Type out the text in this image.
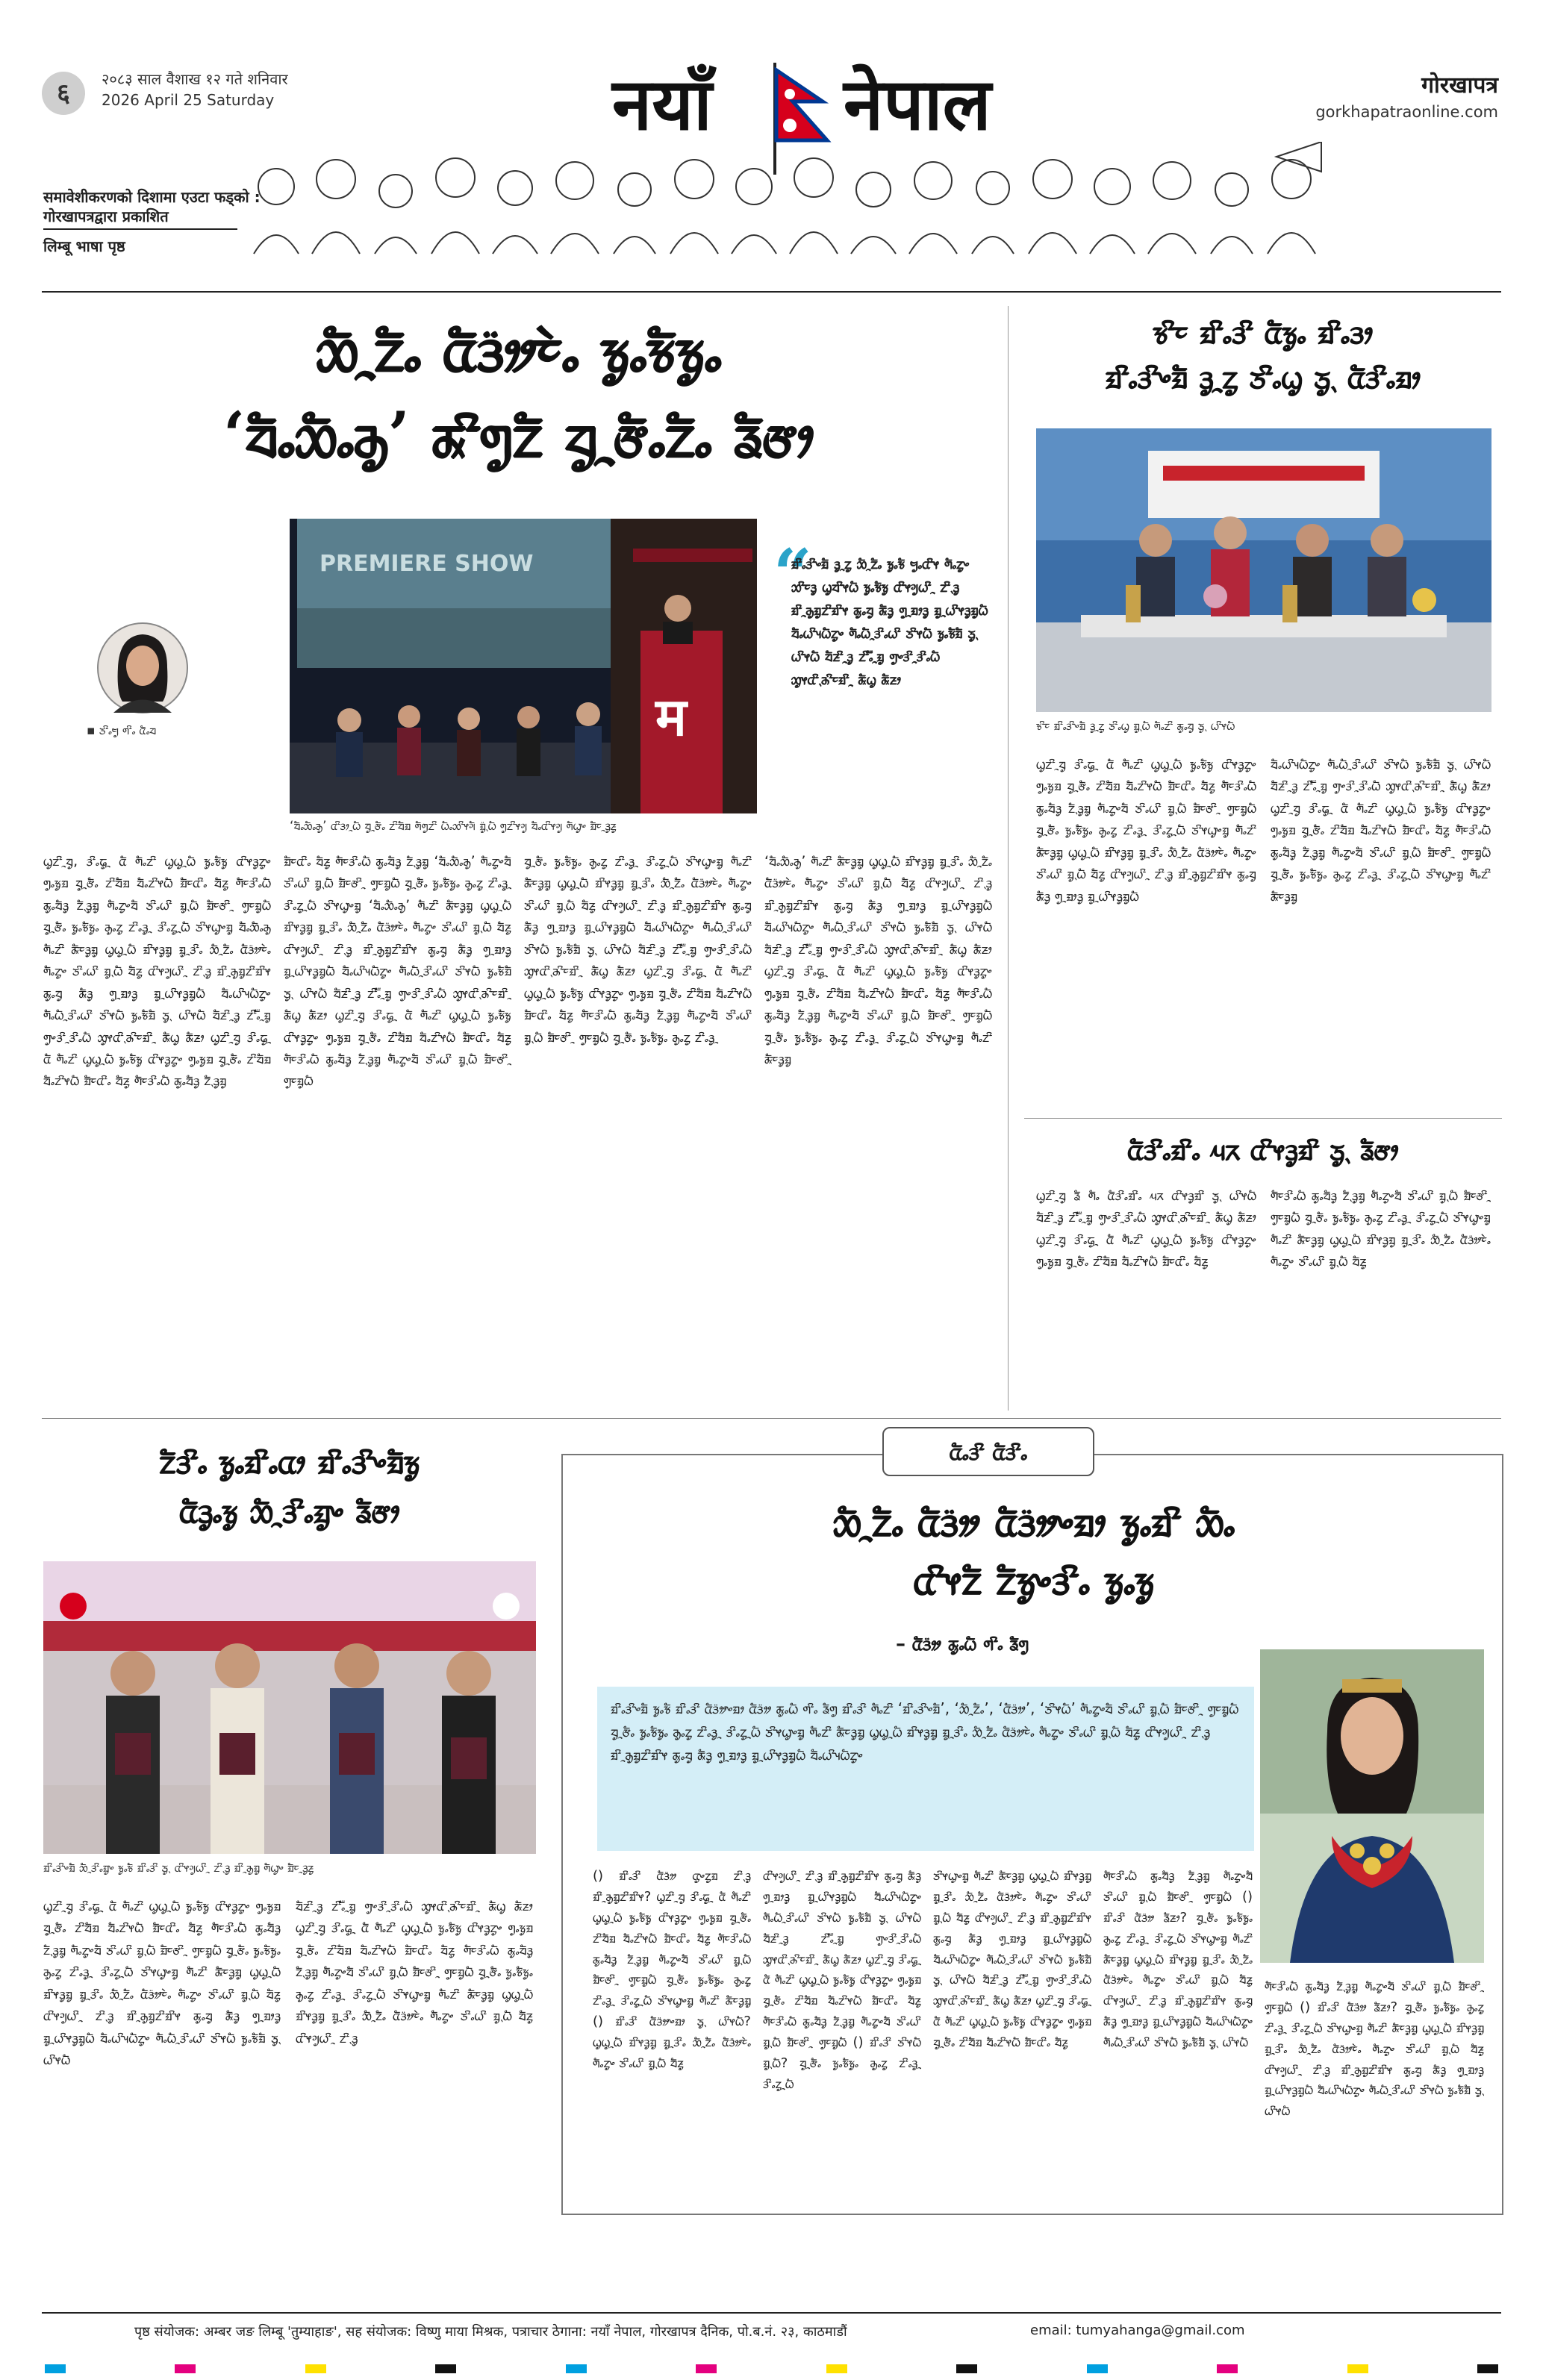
६	२०८३ साल वैशाख १२ गते शनिवार
2026 April 25 Saturday	नयाँ नेपाल	गोरखापत्र
gorkhapatraonline.com
समावेशीकरणको दिशामा एउटा फड्को :
गोरखापत्रद्वारा प्रकाशित
लिम्बू भाषा पृष्ठ
ᤑᤠᤳᤁᤠᤱ ᤂᤠᤋᤤ᤺ᤰᤧᤱ ᤃᤢᤱᤃᤠᤃᤢᤱ
‘ᤔᤠᤱᤑᤠᤱᤌᤢ’ ᤊᤡᤛᤢᤁᤠ ᤔᤢᤳᤅᤠᤱᤁᤠᤱ ᤕᤠᤅᤣ
▪ ᤍᤡᤱᤗᤢ ᤛᤡᤱ ᤂᤠᤱᤔ
PREMIERE SHOW
म
‘ᤔᤠᤱᤑᤠᤱᤌᤢ’ ᤂᤡᤋᤣᤳᤐᤠ ᤔᤢᤳᤅᤠᤱ ᤁᤡᤔᤠᤀ ᤛᤠᤛᤢᤁᤡ ᤐᤠᤱᤑᤡᤶᤆᤠ ᤀᤢ᤺ᤷᤐᤠ ᤛᤢᤁᤡᤶᤆᤢ ᤔᤠᤱᤂᤡᤶᤆᤢ ᤛᤠᤐᤢᤴ ᤀᤠᤰᤳᤋᤢᤏᤢ
“
ᤀᤡᤱᤋᤡᤴᤀᤠ ᤋᤢᤳᤁᤢ ᤑᤠᤳᤁᤠᤱ ᤃᤢᤱᤃᤠ ᤗᤢᤱᤂᤡᤶ ᤛᤠᤱᤁᤢᤴ ᤑᤡᤰᤋᤢ ᤐᤢᤔᤡᤶᤐᤠ ᤃᤢᤱᤃᤠᤃᤢ ᤂᤡᤶᤆᤢᤐᤡᤳ ᤁᤡᤷᤋᤢ ᤀᤡᤳᤌᤢᤀᤢᤁᤡᤀᤡᤶ ᤊᤢᤱᤔᤢ ᤊᤠᤋᤢ ᤛᤢᤳᤀᤣᤋᤢ ᤀᤢᤳᤐᤡᤶᤋᤢᤀᤢᤐᤠ ᤔᤠᤱᤐᤡᤵᤐᤠᤁᤢᤴ ᤛᤠᤱᤐᤠᤳᤋᤡᤱᤐᤡ ᤍᤡᤶᤐᤠ ᤃᤢᤱᤃᤠᤀᤠ ᤍᤢᤷ ᤐᤡᤶᤐᤠ ᤔᤠᤏᤡᤳᤋᤢ ᤁᤡᤱ᤺ᤠᤳᤀᤢ ᤛᤢᤴᤋᤡᤳᤋᤡᤱᤐᤠ ᤑᤢᤶᤂᤡᤷᤌᤡᤰᤀᤡᤳ ᤊᤠᤐᤢ ᤊᤠᤏᤣ
ᤐᤢᤁᤡᤳᤔᤢ, ᤋᤡᤱᤒᤢᤳ ᤂᤠ ᤛᤠᤱᤁᤡ ᤐᤢᤐᤢᤳᤐᤠ ᤃᤢᤱᤃᤠᤃᤢ ᤂᤡᤶᤋᤢᤁᤢᤴ ᤛᤢᤱᤃᤢᤀ ᤔᤢᤳᤅᤠᤱ ᤁᤡᤔᤠᤀ ᤔᤠᤱᤁᤡᤶᤐᤠ ᤀᤠᤰᤂᤡᤱ ᤔᤠᤏᤢ ᤛᤠᤰᤋᤡᤱᤐᤠ ᤊᤢᤱᤔᤠᤋᤢ ᤁᤠᤷᤋᤢᤀᤢ ᤛᤠᤱᤁᤢᤴᤔᤠ ᤍᤡᤱᤐᤡ ᤀᤢᤷᤐᤠ ᤀᤠᤰᤅᤡᤳ ᤛᤢᤰᤀᤢᤐᤠ ᤔᤢᤳᤅᤠᤱ ᤃᤢᤱᤃᤠᤃᤢᤱ ᤌᤢᤱᤁᤢ ᤁᤡᤱᤋᤢᤳ ᤋᤡᤱᤁᤢᤳᤐᤠ ᤍᤡᤶᤐᤢᤴᤀᤢ ᤔᤠᤱᤑᤠᤱᤌᤢ ᤛᤠᤱᤁᤡ ᤊᤠᤰᤋᤢᤀᤢ ᤐᤢᤐᤢᤳᤐᤠ ᤀᤡᤶᤋᤢᤀᤢ ᤀᤢᤳᤋᤡᤱ ᤑᤠᤳᤁᤠᤱ ᤂᤠᤋᤤ᤺ᤰᤧᤱ ᤛᤠᤱᤁᤢᤴ ᤍᤡᤱᤐᤡ ᤀᤢᤷᤐᤠ ᤔᤠᤏᤢ ᤂᤡᤶᤆᤢᤐᤡᤳ ᤁᤡᤷᤋᤢ ᤀᤡᤳᤌᤢᤀᤢᤁᤡᤀᤡᤶ ᤊᤢᤱᤔᤢ ᤊᤠᤋᤢ ᤛᤢᤳᤀᤣᤋᤢ ᤀᤢᤳᤐᤡᤶᤋᤢᤀᤢᤐᤠ ᤔᤠᤱᤐᤡᤵᤐᤠᤁᤢᤴ ᤛᤠᤱᤐᤠᤳᤋᤡᤱᤐᤡ ᤍᤡᤶᤐᤠ ᤃᤢᤱᤃᤠᤀᤠ ᤍᤢᤷ ᤐᤡᤶᤐᤠ ᤔᤠᤏᤡᤳᤋᤢ ᤁᤡᤱ᤺ᤠᤳᤀᤢ ᤛᤢᤴᤋᤡᤳᤋᤡᤱᤐᤠ ᤑᤢᤶᤂᤡᤷᤌᤡᤰᤀᤡᤳ ᤊᤠᤐᤢ ᤊᤠᤏᤣ ᤐᤢᤁᤡᤳᤔᤢ ᤋᤡᤱᤒᤢᤳ ᤂᤠ ᤛᤠᤱᤁᤡ ᤐᤢᤐᤢᤳᤐᤠ ᤃᤢᤱᤃᤠᤃᤢ ᤂᤡᤶᤋᤢᤁᤢᤴ ᤛᤢᤱᤃᤢᤀ ᤔᤢᤳᤅᤠᤱ ᤁᤡᤔᤠᤀ ᤔᤠᤱᤁᤡᤶᤐᤠ ᤀᤠᤰᤂᤡᤱ ᤔᤠᤏᤢ ᤛᤠᤰᤋᤡᤱᤐᤠ ᤊᤢᤱᤔᤠᤋᤢ ᤁᤠᤷᤋᤢᤀᤢ
ᤀᤠᤰᤂᤡᤱ ᤔᤠᤏᤢ ᤛᤠᤰᤋᤡᤱᤐᤠ ᤊᤢᤱᤔᤠᤋᤢ ᤁᤠᤷᤋᤢᤀᤢ ‘ᤔᤠᤱᤑᤠᤱᤌᤢ’ ᤛᤠᤱᤁᤢᤴᤔᤠ ᤍᤡᤱᤐᤡ ᤀᤢᤷᤐᤠ ᤀᤠᤰᤅᤡᤳ ᤛᤢᤰᤀᤢᤐᤠ ᤔᤢᤳᤅᤠᤱ ᤃᤢᤱᤃᤠᤃᤢᤱ ᤌᤢᤱᤁᤢ ᤁᤡᤱᤋᤢᤳ ᤋᤡᤱᤁᤢᤳᤐᤠ ᤍᤡᤶᤐᤢᤴᤀᤢ ‘ᤔᤠᤱᤑᤠᤱᤌᤢ’ ᤛᤠᤱᤁᤡ ᤊᤠᤰᤋᤢᤀᤢ ᤐᤢᤐᤢᤳᤐᤠ ᤀᤡᤶᤋᤢᤀᤢ ᤀᤢᤳᤋᤡᤱ ᤑᤠᤳᤁᤠᤱ ᤂᤠᤋᤤ᤺ᤰᤧᤱ ᤛᤠᤱᤁᤢᤴ ᤍᤡᤱᤐᤡ ᤀᤢᤷᤐᤠ ᤔᤠᤏᤢ ᤂᤡᤶᤆᤢᤐᤡᤳ ᤁᤡᤷᤋᤢ ᤀᤡᤳᤌᤢᤀᤢᤁᤡᤀᤡᤶ ᤊᤢᤱᤔᤢ ᤊᤠᤋᤢ ᤛᤢᤳᤀᤣᤋᤢ ᤀᤢᤳᤐᤡᤶᤋᤢᤀᤢᤐᤠ ᤔᤠᤱᤐᤡᤵᤐᤠᤁᤢᤴ ᤛᤠᤱᤐᤠᤳᤋᤡᤱᤐᤡ ᤍᤡᤶᤐᤠ ᤃᤢᤱᤃᤠᤀᤠ ᤍᤢᤷ ᤐᤡᤶᤐᤠ ᤔᤠᤏᤡᤳᤋᤢ ᤁᤡᤱ᤺ᤠᤳᤀᤢ ᤛᤢᤴᤋᤡᤳᤋᤡᤱᤐᤠ ᤑᤢᤶᤂᤡᤷᤌᤡᤰᤀᤡᤳ ᤊᤠᤐᤢ ᤊᤠᤏᤣ ᤐᤢᤁᤡᤳᤔᤢ ᤋᤡᤱᤒᤢᤳ ᤂᤠ ᤛᤠᤱᤁᤡ ᤐᤢᤐᤢᤳᤐᤠ ᤃᤢᤱᤃᤠᤃᤢ ᤂᤡᤶᤋᤢᤁᤢᤴ ᤛᤢᤱᤃᤢᤀ ᤔᤢᤳᤅᤠᤱ ᤁᤡᤔᤠᤀ ᤔᤠᤱᤁᤡᤶᤐᤠ ᤀᤠᤰᤂᤡᤱ ᤔᤠᤏᤢ ᤛᤠᤰᤋᤡᤱᤐᤠ ᤊᤢᤱᤔᤠᤋᤢ ᤁᤠᤷᤋᤢᤀᤢ ᤛᤠᤱᤁᤢᤴᤔᤠ ᤍᤡᤱᤐᤡ ᤀᤢᤷᤐᤠ ᤀᤠᤰᤅᤡᤳ ᤛᤢᤰᤀᤢᤐᤠ
ᤔᤢᤳᤅᤠᤱ ᤃᤢᤱᤃᤠᤃᤢᤱ ᤌᤢᤱᤁᤢ ᤁᤡᤱᤋᤢᤳ ᤋᤡᤱᤁᤢᤳᤐᤠ ᤍᤡᤶᤐᤢᤴᤀᤢ ᤛᤠᤱᤁᤡ ᤊᤠᤰᤋᤢᤀᤢ ᤐᤢᤐᤢᤳᤐᤠ ᤀᤡᤶᤋᤢᤀᤢ ᤀᤢᤳᤋᤡᤱ ᤑᤠᤳᤁᤠᤱ ᤂᤠᤋᤤ᤺ᤰᤧᤱ ᤛᤠᤱᤁᤢᤴ ᤍᤡᤱᤐᤡ ᤀᤢᤷᤐᤠ ᤔᤠᤏᤢ ᤂᤡᤶᤆᤢᤐᤡᤳ ᤁᤡᤷᤋᤢ ᤀᤡᤳᤌᤢᤀᤢᤁᤡᤀᤡᤶ ᤊᤢᤱᤔᤢ ᤊᤠᤋᤢ ᤛᤢᤳᤀᤣᤋᤢ ᤀᤢᤳᤐᤡᤶᤋᤢᤀᤢᤐᤠ ᤔᤠᤱᤐᤡᤵᤐᤠᤁᤢᤴ ᤛᤠᤱᤐᤠᤳᤋᤡᤱᤐᤡ ᤍᤡᤶᤐᤠ ᤃᤢᤱᤃᤠᤀᤠ ᤍᤢᤷ ᤐᤡᤶᤐᤠ ᤔᤠᤏᤡᤳᤋᤢ ᤁᤡᤱ᤺ᤠᤳᤀᤢ ᤛᤢᤴᤋᤡᤳᤋᤡᤱᤐᤠ ᤑᤢᤶᤂᤡᤷᤌᤡᤰᤀᤡᤳ ᤊᤠᤐᤢ ᤊᤠᤏᤣ ᤐᤢᤁᤡᤳᤔᤢ ᤋᤡᤱᤒᤢᤳ ᤂᤠ ᤛᤠᤱᤁᤡ ᤐᤢᤐᤢᤳᤐᤠ ᤃᤢᤱᤃᤠᤃᤢ ᤂᤡᤶᤋᤢᤁᤢᤴ ᤛᤢᤱᤃᤢᤀ ᤔᤢᤳᤅᤠᤱ ᤁᤡᤔᤠᤀ ᤔᤠᤱᤁᤡᤶᤐᤠ ᤀᤠᤰᤂᤡᤱ ᤔᤠᤏᤢ ᤛᤠᤰᤋᤡᤱᤐᤠ ᤊᤢᤱᤔᤠᤋᤢ ᤁᤠᤷᤋᤢᤀᤢ ᤛᤠᤱᤁᤢᤴᤔᤠ ᤍᤡᤱᤐᤡ ᤀᤢᤷᤐᤠ ᤀᤠᤰᤅᤡᤳ ᤛᤢᤰᤀᤢᤐᤠ ᤔᤢᤳᤅᤠᤱ ᤃᤢᤱᤃᤠᤃᤢᤱ ᤌᤢᤱᤁᤢ ᤁᤡᤱᤋᤢᤳ
‘ᤔᤠᤱᤑᤠᤱᤌᤢ’ ᤛᤠᤱᤁᤡ ᤊᤠᤰᤋᤢᤀᤢ ᤐᤢᤐᤢᤳᤐᤠ ᤀᤡᤶᤋᤢᤀᤢ ᤀᤢᤳᤋᤡᤱ ᤑᤠᤳᤁᤠᤱ ᤂᤠᤋᤤ᤺ᤰᤧᤱ ᤛᤠᤱᤁᤢᤴ ᤍᤡᤱᤐᤡ ᤀᤢᤷᤐᤠ ᤔᤠᤏᤢ ᤂᤡᤶᤆᤢᤐᤡᤳ ᤁᤡᤷᤋᤢ ᤀᤡᤳᤌᤢᤀᤢᤁᤡᤀᤡᤶ ᤊᤢᤱᤔᤢ ᤊᤠᤋᤢ ᤛᤢᤳᤀᤣᤋᤢ ᤀᤢᤳᤐᤡᤶᤋᤢᤀᤢᤐᤠ ᤔᤠᤱᤐᤡᤵᤐᤠᤁᤢᤴ ᤛᤠᤱᤐᤠᤳᤋᤡᤱᤐᤡ ᤍᤡᤶᤐᤠ ᤃᤢᤱᤃᤠᤀᤠ ᤍᤢᤷ ᤐᤡᤶᤐᤠ ᤔᤠᤏᤡᤳᤋᤢ ᤁᤡᤱ᤺ᤠᤳᤀᤢ ᤛᤢᤴᤋᤡᤳᤋᤡᤱᤐᤠ ᤑᤢᤶᤂᤡᤷᤌᤡᤰᤀᤡᤳ ᤊᤠᤐᤢ ᤊᤠᤏᤣ ᤐᤢᤁᤡᤳᤔᤢ ᤋᤡᤱᤒᤢᤳ ᤂᤠ ᤛᤠᤱᤁᤡ ᤐᤢᤐᤢᤳᤐᤠ ᤃᤢᤱᤃᤠᤃᤢ ᤂᤡᤶᤋᤢᤁᤢᤴ ᤛᤢᤱᤃᤢᤀ ᤔᤢᤳᤅᤠᤱ ᤁᤡᤔᤠᤀ ᤔᤠᤱᤁᤡᤶᤐᤠ ᤀᤠᤰᤂᤡᤱ ᤔᤠᤏᤢ ᤛᤠᤰᤋᤡᤱᤐᤠ ᤊᤢᤱᤔᤠᤋᤢ ᤁᤠᤷᤋᤢᤀᤢ ᤛᤠᤱᤁᤢᤴᤔᤠ ᤍᤡᤱᤐᤡ ᤀᤢᤷᤐᤠ ᤀᤠᤰᤅᤡᤳ ᤛᤢᤰᤀᤢᤐᤠ ᤔᤢᤳᤅᤠᤱ ᤃᤢᤱᤃᤠᤃᤢᤱ ᤌᤢᤱᤁᤢ ᤁᤡᤱᤋᤢᤳ ᤋᤡᤱᤁᤢᤳᤐᤠ ᤍᤡᤶᤐᤢᤴᤀᤢ ᤛᤠᤱᤁᤡ ᤊᤠᤰᤋᤢᤀᤢ
ᤃᤡᤰ ᤀᤡᤱᤋᤡ ᤂᤠᤃᤢᤱ ᤀᤡᤱᤋᤣ
ᤀᤡᤱᤋᤡᤴᤀᤠ ᤋᤢᤳᤁᤢ ᤍᤡᤱᤐᤢ ᤍᤢᤷ ᤂᤠᤋᤡᤱᤀᤣ
ᤃᤡᤰ ᤀᤡᤱᤋᤡᤴᤀᤠ ᤋᤢᤳᤁᤢ ᤍᤡᤱᤐᤢ ᤀᤢᤷᤐᤠ ᤛᤠᤱᤁᤡ ᤊᤢᤱᤔᤢ ᤍᤢᤷ ᤐᤡᤶᤐᤠ
ᤐᤢᤁᤡᤳᤔᤢ ᤋᤡᤱᤒᤢᤳ ᤂᤠ ᤛᤠᤱᤁᤡ ᤐᤢᤐᤢᤳᤐᤠ ᤃᤢᤱᤃᤠᤃᤢ ᤂᤡᤶᤋᤢᤁᤢᤴ ᤛᤢᤱᤃᤢᤀ ᤔᤢᤳᤅᤠᤱ ᤁᤡᤔᤠᤀ ᤔᤠᤱᤁᤡᤶᤐᤠ ᤀᤠᤰᤂᤡᤱ ᤔᤠᤏᤢ ᤛᤠᤰᤋᤡᤱᤐᤠ ᤊᤢᤱᤔᤠᤋᤢ ᤁᤠᤷᤋᤢᤀᤢ ᤛᤠᤱᤁᤢᤴᤔᤠ ᤍᤡᤱᤐᤡ ᤀᤢᤷᤐᤠ ᤀᤠᤰᤅᤡᤳ ᤛᤢᤰᤀᤢᤐᤠ ᤔᤢᤳᤅᤠᤱ ᤃᤢᤱᤃᤠᤃᤢᤱ ᤌᤢᤱᤁᤢ ᤁᤡᤱᤋᤢᤳ ᤋᤡᤱᤁᤢᤳᤐᤠ ᤍᤡᤶᤐᤢᤴᤀᤢ ᤛᤠᤱᤁᤡ ᤊᤠᤰᤋᤢᤀᤢ ᤐᤢᤐᤢᤳᤐᤠ ᤀᤡᤶᤋᤢᤀᤢ ᤀᤢᤳᤋᤡᤱ ᤑᤠᤳᤁᤠᤱ ᤂᤠᤋᤤ᤺ᤰᤧᤱ ᤛᤠᤱᤁᤢᤴ ᤍᤡᤱᤐᤡ ᤀᤢᤷᤐᤠ ᤔᤠᤏᤢ ᤂᤡᤶᤆᤢᤐᤡᤳ ᤁᤡᤷᤋᤢ ᤀᤡᤳᤌᤢᤀᤢᤁᤡᤀᤡᤶ ᤊᤢᤱᤔᤢ ᤊᤠᤋᤢ ᤛᤢᤳᤀᤣᤋᤢ ᤀᤢᤳᤐᤡᤶᤋᤢᤀᤢᤐᤠ
ᤔᤠᤱᤐᤡᤵᤐᤠᤁᤢᤴ ᤛᤠᤱᤐᤠᤳᤋᤡᤱᤐᤡ ᤍᤡᤶᤐᤠ ᤃᤢᤱᤃᤠᤀᤠ ᤍᤢᤷ ᤐᤡᤶᤐᤠ ᤔᤠᤏᤡᤳᤋᤢ ᤁᤡᤱ᤺ᤠᤳᤀᤢ ᤛᤢᤴᤋᤡᤳᤋᤡᤱᤐᤠ ᤑᤢᤶᤂᤡᤷᤌᤡᤰᤀᤡᤳ ᤊᤠᤐᤢ ᤊᤠᤏᤣ ᤐᤢᤁᤡᤳᤔᤢ ᤋᤡᤱᤒᤢᤳ ᤂᤠ ᤛᤠᤱᤁᤡ ᤐᤢᤐᤢᤳᤐᤠ ᤃᤢᤱᤃᤠᤃᤢ ᤂᤡᤶᤋᤢᤁᤢᤴ ᤛᤢᤱᤃᤢᤀ ᤔᤢᤳᤅᤠᤱ ᤁᤡᤔᤠᤀ ᤔᤠᤱᤁᤡᤶᤐᤠ ᤀᤠᤰᤂᤡᤱ ᤔᤠᤏᤢ ᤛᤠᤰᤋᤡᤱᤐᤠ ᤊᤢᤱᤔᤠᤋᤢ ᤁᤠᤷᤋᤢᤀᤢ ᤛᤠᤱᤁᤢᤴᤔᤠ ᤍᤡᤱᤐᤡ ᤀᤢᤷᤐᤠ ᤀᤠᤰᤅᤡᤳ ᤛᤢᤰᤀᤢᤐᤠ ᤔᤢᤳᤅᤠᤱ ᤃᤢᤱᤃᤠᤃᤢᤱ ᤌᤢᤱᤁᤢ ᤁᤡᤱᤋᤢᤳ ᤋᤡᤱᤁᤢᤳᤐᤠ ᤍᤡᤶᤐᤢᤴᤀᤢ ᤛᤠᤱᤁᤡ ᤊᤠᤰᤋᤢᤀᤢ
ᤂᤠᤋᤡᤱᤀᤡᤱ ᤘᤖ ᤂᤡᤶᤋᤢᤀᤡ ᤍᤢᤷ ᤕᤠᤅᤣ
ᤐᤢᤁᤡᤳᤔᤢ ᤕᤠ ᤛᤠᤱ ᤂᤠᤋᤡᤱᤀᤡᤱ ᤘᤖ ᤂᤡᤶᤋᤢᤀᤡ ᤍᤢᤷ ᤐᤡᤶᤐᤠ ᤔᤠᤏᤡᤳᤋᤢ ᤁᤡᤱ᤺ᤠᤳᤀᤢ ᤛᤢᤴᤋᤡᤳᤋᤡᤱᤐᤠ ᤑᤢᤶᤂᤡᤷᤌᤡᤰᤀᤡᤳ ᤊᤠᤐᤢ ᤊᤠᤏᤣ ᤐᤢᤁᤡᤳᤔᤢ ᤋᤡᤱᤒᤢᤳ ᤂᤠ ᤛᤠᤱᤁᤡ ᤐᤢᤐᤢᤳᤐᤠ ᤃᤢᤱᤃᤠᤃᤢ ᤂᤡᤶᤋᤢᤁᤢᤴ ᤛᤢᤱᤃᤢᤀ ᤔᤢᤳᤅᤠᤱ ᤁᤡᤔᤠᤀ ᤔᤠᤱᤁᤡᤶᤐᤠ ᤀᤠᤰᤂᤡᤱ ᤔᤠᤏᤢ
ᤛᤠᤰᤋᤡᤱᤐᤠ ᤊᤢᤱᤔᤠᤋᤢ ᤁᤠᤷᤋᤢᤀᤢ ᤛᤠᤱᤁᤢᤴᤔᤠ ᤍᤡᤱᤐᤡ ᤀᤢᤷᤐᤠ ᤀᤠᤰᤅᤡᤳ ᤛᤢᤰᤀᤢᤐᤠ ᤔᤢᤳᤅᤠᤱ ᤃᤢᤱᤃᤠᤃᤢᤱ ᤌᤢᤱᤁᤢ ᤁᤡᤱᤋᤢᤳ ᤋᤡᤱᤁᤢᤳᤐᤠ ᤍᤡᤶᤐᤢᤴᤀᤢ ᤛᤠᤱᤁᤡ ᤊᤠᤰᤋᤢᤀᤢ ᤐᤢᤐᤢᤳᤐᤠ ᤀᤡᤶᤋᤢᤀᤢ ᤀᤢᤳᤋᤡᤱ ᤑᤠᤳᤁᤠᤱ ᤂᤠᤋᤤ᤺ᤰᤧᤱ ᤛᤠᤱᤁᤢᤴ ᤍᤡᤱᤐᤡ ᤀᤢᤷᤐᤠ ᤔᤠᤏᤢ
ᤁᤠᤋᤡᤱ ᤃᤢᤱᤀᤡᤱᤂᤣ ᤀᤡᤱᤋᤡᤴᤀᤠᤃᤢ
ᤂᤠᤋᤢᤱᤃᤢ ᤑᤠᤳᤋᤡᤱᤀᤢᤴ ᤕᤠᤅᤣ
ᤀᤡᤱᤋᤡᤴᤀᤠ ᤑᤠᤳᤋᤡᤱᤀᤢᤴ ᤃᤢᤱᤃᤠ ᤀᤡᤱᤋᤡ ᤍᤢᤷ ᤂᤡᤶᤆᤢᤐᤡᤳ ᤁᤡᤷᤋᤢ ᤀᤡᤳᤌᤢᤀᤢ ᤛᤠᤐᤢᤴ ᤀᤠᤰᤳᤋᤢᤏᤢ
ᤐᤢᤁᤡᤳᤔᤢ ᤋᤡᤱᤒᤢᤳ ᤂᤠ ᤛᤠᤱᤁᤡ ᤐᤢᤐᤢᤳᤐᤠ ᤃᤢᤱᤃᤠᤃᤢ ᤂᤡᤶᤋᤢᤁᤢᤴ ᤛᤢᤱᤃᤢᤀ ᤔᤢᤳᤅᤠᤱ ᤁᤡᤔᤠᤀ ᤔᤠᤱᤁᤡᤶᤐᤠ ᤀᤠᤰᤂᤡᤱ ᤔᤠᤏᤢ ᤛᤠᤰᤋᤡᤱᤐᤠ ᤊᤢᤱᤔᤠᤋᤢ ᤁᤠᤷᤋᤢᤀᤢ ᤛᤠᤱᤁᤢᤴᤔᤠ ᤍᤡᤱᤐᤡ ᤀᤢᤷᤐᤠ ᤀᤠᤰᤅᤡᤳ ᤛᤢᤰᤀᤢᤐᤠ ᤔᤢᤳᤅᤠᤱ ᤃᤢᤱᤃᤠᤃᤢᤱ ᤌᤢᤱᤁᤢ ᤁᤡᤱᤋᤢᤳ ᤋᤡᤱᤁᤢᤳᤐᤠ ᤍᤡᤶᤐᤢᤴᤀᤢ ᤛᤠᤱᤁᤡ ᤊᤠᤰᤋᤢᤀᤢ ᤐᤢᤐᤢᤳᤐᤠ ᤀᤡᤶᤋᤢᤀᤢ ᤀᤢᤳᤋᤡᤱ ᤑᤠᤳᤁᤠᤱ ᤂᤠᤋᤤ᤺ᤰᤧᤱ ᤛᤠᤱᤁᤢᤴ ᤍᤡᤱᤐᤡ ᤀᤢᤷᤐᤠ ᤔᤠᤏᤢ ᤂᤡᤶᤆᤢᤐᤡᤳ ᤁᤡᤷᤋᤢ ᤀᤡᤳᤌᤢᤀᤢᤁᤡᤀᤡᤶ ᤊᤢᤱᤔᤢ ᤊᤠᤋᤢ ᤛᤢᤳᤀᤣᤋᤢ ᤀᤢᤳᤐᤡᤶᤋᤢᤀᤢᤐᤠ ᤔᤠᤱᤐᤡᤵᤐᤠᤁᤢᤴ ᤛᤠᤱᤐᤠᤳᤋᤡᤱᤐᤡ ᤍᤡᤶᤐᤠ ᤃᤢᤱᤃᤠᤀᤠ ᤍᤢᤷ ᤐᤡᤶᤐᤠ
ᤔᤠᤏᤡᤳᤋᤢ ᤁᤡᤱ᤺ᤠᤳᤀᤢ ᤛᤢᤴᤋᤡᤳᤋᤡᤱᤐᤠ ᤑᤢᤶᤂᤡᤷᤌᤡᤰᤀᤡᤳ ᤊᤠᤐᤢ ᤊᤠᤏᤣ ᤐᤢᤁᤡᤳᤔᤢ ᤋᤡᤱᤒᤢᤳ ᤂᤠ ᤛᤠᤱᤁᤡ ᤐᤢᤐᤢᤳᤐᤠ ᤃᤢᤱᤃᤠᤃᤢ ᤂᤡᤶᤋᤢᤁᤢᤴ ᤛᤢᤱᤃᤢᤀ ᤔᤢᤳᤅᤠᤱ ᤁᤡᤔᤠᤀ ᤔᤠᤱᤁᤡᤶᤐᤠ ᤀᤠᤰᤂᤡᤱ ᤔᤠᤏᤢ ᤛᤠᤰᤋᤡᤱᤐᤠ ᤊᤢᤱᤔᤠᤋᤢ ᤁᤠᤷᤋᤢᤀᤢ ᤛᤠᤱᤁᤢᤴᤔᤠ ᤍᤡᤱᤐᤡ ᤀᤢᤷᤐᤠ ᤀᤠᤰᤅᤡᤳ ᤛᤢᤰᤀᤢᤐᤠ ᤔᤢᤳᤅᤠᤱ ᤃᤢᤱᤃᤠᤃᤢᤱ ᤌᤢᤱᤁᤢ ᤁᤡᤱᤋᤢᤳ ᤋᤡᤱᤁᤢᤳᤐᤠ ᤍᤡᤶᤐᤢᤴᤀᤢ ᤛᤠᤱᤁᤡ ᤊᤠᤰᤋᤢᤀᤢ ᤐᤢᤐᤢᤳᤐᤠ ᤀᤡᤶᤋᤢᤀᤢ ᤀᤢᤳᤋᤡᤱ ᤑᤠᤳᤁᤠᤱ ᤂᤠᤋᤤ᤺ᤰᤧᤱ ᤛᤠᤱᤁᤢᤴ ᤍᤡᤱᤐᤡ ᤀᤢᤷᤐᤠ ᤔᤠᤏᤢ ᤂᤡᤶᤆᤢᤐᤡᤳ ᤁᤡᤷᤋᤢ
ᤂᤠᤱᤋᤡ ᤂᤠᤋᤡᤱ
ᤑᤠᤳᤁᤠᤱ ᤂᤠᤋᤤ᤺ ᤂᤠᤋᤤ᤺ᤴᤀᤣ ᤃᤢᤱᤀᤡ ᤑᤠᤱ
ᤂᤡᤶᤁᤠ ᤁᤠᤃᤢᤴᤋᤡᤱ ᤃᤢᤱᤃᤢ
– ᤂᤠᤋᤤ᤺ ᤊᤢᤱᤐᤠ ᤛᤡᤱ ᤕᤠᤛᤢ
ᤀᤡᤱᤋᤡᤴᤀᤠ ᤃᤢᤱᤃᤠ ᤀᤡᤱᤋᤡ ᤂᤠᤋᤤ᤺ᤴᤀᤣ ᤂᤠᤋᤤ᤺ ᤊᤢᤱᤐᤠ ᤛᤡᤱ ᤕᤠᤛᤢ ᤀᤡᤱᤋᤡ ᤛᤠᤱᤁᤡ ‘ᤀᤡᤱᤋᤡᤴᤀᤠ’, ‘ᤑᤠᤳᤁᤠᤱ’, ‘ᤂᤠᤋᤤ᤺’, ‘ᤍᤡᤶᤐᤠ’ ᤛᤠᤱᤁᤢᤴᤔᤠ ᤍᤡᤱᤐᤡ ᤀᤢᤷᤐᤠ ᤀᤠᤰᤅᤡᤳ ᤛᤢᤰᤀᤢᤐᤠ ᤔᤢᤳᤅᤠᤱ ᤃᤢᤱᤃᤠᤃᤢᤱ ᤌᤢᤱᤁᤢ ᤁᤡᤱᤋᤢᤳ ᤋᤡᤱᤁᤢᤳᤐᤠ ᤍᤡᤶᤐᤢᤴᤀᤢ ᤛᤠᤱᤁᤡ ᤊᤠᤰᤋᤢᤀᤢ ᤐᤢᤐᤢᤳᤐᤠ ᤀᤡᤶᤋᤢᤀᤢ ᤀᤢᤳᤋᤡᤱ ᤑᤠᤳᤁᤠᤱ ᤂᤠᤋᤤ᤺ᤰᤧᤱ ᤛᤠᤱᤁᤢᤴ ᤍᤡᤱᤐᤡ ᤀᤢᤷᤐᤠ ᤔᤠᤏᤢ ᤂᤡᤶᤆᤢᤐᤡᤳ ᤁᤡᤷᤋᤢ ᤀᤡᤳᤌᤢᤀᤢᤁᤡᤀᤡᤶ ᤊᤢᤱᤔᤢ ᤊᤠᤋᤢ ᤛᤢᤳᤀᤣᤋᤢ ᤀᤢᤳᤐᤡᤶᤋᤢᤀᤢᤐᤠ ᤔᤠᤱᤐᤡᤵᤐᤠᤁᤢᤴ
() ᤀᤡᤱᤋᤡ ᤂᤠᤋᤤ᤺ ᤂᤢᤴᤁᤢᤀ ᤁᤡᤷᤋᤢ ᤀᤡᤳᤌᤢᤀᤢᤁᤡᤀᤡᤶ? ᤐᤢᤁᤡᤳᤔᤢ ᤋᤡᤱᤒᤢᤳ ᤂᤠ ᤛᤠᤱᤁᤡ ᤐᤢᤐᤢᤳᤐᤠ ᤃᤢᤱᤃᤠᤃᤢ ᤂᤡᤶᤋᤢᤁᤢᤴ ᤛᤢᤱᤃᤢᤀ ᤔᤢᤳᤅᤠᤱ ᤁᤡᤔᤠᤀ ᤔᤠᤱᤁᤡᤶᤐᤠ ᤀᤠᤰᤂᤡᤱ ᤔᤠᤏᤢ ᤛᤠᤰᤋᤡᤱᤐᤠ ᤊᤢᤱᤔᤠᤋᤢ ᤁᤠᤷᤋᤢᤀᤢ ᤛᤠᤱᤁᤢᤴᤔᤠ ᤍᤡᤱᤐᤡ ᤀᤢᤷᤐᤠ ᤀᤠᤰᤅᤡᤳ ᤛᤢᤰᤀᤢᤐᤠ ᤔᤢᤳᤅᤠᤱ ᤃᤢᤱᤃᤠᤃᤢᤱ ᤌᤢᤱᤁᤢ ᤁᤡᤱᤋᤢᤳ ᤋᤡᤱᤁᤢᤳᤐᤠ ᤍᤡᤶᤐᤢᤴᤀᤢ ᤛᤠᤱᤁᤡ ᤊᤠᤰᤋᤢᤀᤢ () ᤀᤡᤱᤋᤡ ᤂᤠᤋᤤ᤺ᤴᤀᤣ ᤍᤢᤷ ᤐᤡᤶᤐᤠ? ᤐᤢᤐᤢᤳᤐᤠ ᤀᤡᤶᤋᤢᤀᤢ ᤀᤢᤳᤋᤡᤱ ᤑᤠᤳᤁᤠᤱ ᤂᤠᤋᤤ᤺ᤰᤧᤱ ᤛᤠᤱᤁᤢᤴ ᤍᤡᤱᤐᤡ ᤀᤢᤷᤐᤠ ᤔᤠᤏᤢ
ᤂᤡᤶᤆᤢᤐᤡᤳ ᤁᤡᤷᤋᤢ ᤀᤡᤳᤌᤢᤀᤢᤁᤡᤀᤡᤶ ᤊᤢᤱᤔᤢ ᤊᤠᤋᤢ ᤛᤢᤳᤀᤣᤋᤢ ᤀᤢᤳᤐᤡᤶᤋᤢᤀᤢᤐᤠ ᤔᤠᤱᤐᤡᤵᤐᤠᤁᤢᤴ ᤛᤠᤱᤐᤠᤳᤋᤡᤱᤐᤡ ᤍᤡᤶᤐᤠ ᤃᤢᤱᤃᤠᤀᤠ ᤍᤢᤷ ᤐᤡᤶᤐᤠ ᤔᤠᤏᤡᤳᤋᤢ ᤁᤡᤱ᤺ᤠᤳᤀᤢ ᤛᤢᤴᤋᤡᤳᤋᤡᤱᤐᤠ ᤑᤢᤶᤂᤡᤷᤌᤡᤰᤀᤡᤳ ᤊᤠᤐᤢ ᤊᤠᤏᤣ ᤐᤢᤁᤡᤳᤔᤢ ᤋᤡᤱᤒᤢᤳ ᤂᤠ ᤛᤠᤱᤁᤡ ᤐᤢᤐᤢᤳᤐᤠ ᤃᤢᤱᤃᤠᤃᤢ ᤂᤡᤶᤋᤢᤁᤢᤴ ᤛᤢᤱᤃᤢᤀ ᤔᤢᤳᤅᤠᤱ ᤁᤡᤔᤠᤀ ᤔᤠᤱᤁᤡᤶᤐᤠ ᤀᤠᤰᤂᤡᤱ ᤔᤠᤏᤢ ᤛᤠᤰᤋᤡᤱᤐᤠ ᤊᤢᤱᤔᤠᤋᤢ ᤁᤠᤷᤋᤢᤀᤢ ᤛᤠᤱᤁᤢᤴᤔᤠ ᤍᤡᤱᤐᤡ ᤀᤢᤷᤐᤠ ᤀᤠᤰᤅᤡᤳ ᤛᤢᤰᤀᤢᤐᤠ () ᤀᤡᤱᤋᤡ ᤍᤡᤶᤐᤠ ᤀᤢᤷᤐᤠ? ᤔᤢᤳᤅᤠᤱ ᤃᤢᤱᤃᤠᤃᤢᤱ ᤌᤢᤱᤁᤢ ᤁᤡᤱᤋᤢᤳ ᤋᤡᤱᤁᤢᤳᤐᤠ
ᤍᤡᤶᤐᤢᤴᤀᤢ ᤛᤠᤱᤁᤡ ᤊᤠᤰᤋᤢᤀᤢ ᤐᤢᤐᤢᤳᤐᤠ ᤀᤡᤶᤋᤢᤀᤢ ᤀᤢᤳᤋᤡᤱ ᤑᤠᤳᤁᤠᤱ ᤂᤠᤋᤤ᤺ᤰᤧᤱ ᤛᤠᤱᤁᤢᤴ ᤍᤡᤱᤐᤡ ᤀᤢᤷᤐᤠ ᤔᤠᤏᤢ ᤂᤡᤶᤆᤢᤐᤡᤳ ᤁᤡᤷᤋᤢ ᤀᤡᤳᤌᤢᤀᤢᤁᤡᤀᤡᤶ ᤊᤢᤱᤔᤢ ᤊᤠᤋᤢ ᤛᤢᤳᤀᤣᤋᤢ ᤀᤢᤳᤐᤡᤶᤋᤢᤀᤢᤐᤠ ᤔᤠᤱᤐᤡᤵᤐᤠᤁᤢᤴ ᤛᤠᤱᤐᤠᤳᤋᤡᤱᤐᤡ ᤍᤡᤶᤐᤠ ᤃᤢᤱᤃᤠᤀᤠ ᤍᤢᤷ ᤐᤡᤶᤐᤠ ᤔᤠᤏᤡᤳᤋᤢ ᤁᤡᤱ᤺ᤠᤳᤀᤢ ᤛᤢᤴᤋᤡᤳᤋᤡᤱᤐᤠ ᤑᤢᤶᤂᤡᤷᤌᤡᤰᤀᤡᤳ ᤊᤠᤐᤢ ᤊᤠᤏᤣ ᤐᤢᤁᤡᤳᤔᤢ ᤋᤡᤱᤒᤢᤳ ᤂᤠ ᤛᤠᤱᤁᤡ ᤐᤢᤐᤢᤳᤐᤠ ᤃᤢᤱᤃᤠᤃᤢ ᤂᤡᤶᤋᤢᤁᤢᤴ ᤛᤢᤱᤃᤢᤀ ᤔᤢᤳᤅᤠᤱ ᤁᤡᤔᤠᤀ ᤔᤠᤱᤁᤡᤶᤐᤠ ᤀᤠᤰᤂᤡᤱ ᤔᤠᤏᤢ
ᤛᤠᤰᤋᤡᤱᤐᤠ ᤊᤢᤱᤔᤠᤋᤢ ᤁᤠᤷᤋᤢᤀᤢ ᤛᤠᤱᤁᤢᤴᤔᤠ ᤍᤡᤱᤐᤡ ᤀᤢᤷᤐᤠ ᤀᤠᤰᤅᤡᤳ ᤛᤢᤰᤀᤢᤐᤠ () ᤀᤡᤱᤋᤡ ᤂᤠᤋᤤ᤺ ᤕᤠᤏᤣ? ᤔᤢᤳᤅᤠᤱ ᤃᤢᤱᤃᤠᤃᤢᤱ ᤌᤢᤱᤁᤢ ᤁᤡᤱᤋᤢᤳ ᤋᤡᤱᤁᤢᤳᤐᤠ ᤍᤡᤶᤐᤢᤴᤀᤢ ᤛᤠᤱᤁᤡ ᤊᤠᤰᤋᤢᤀᤢ ᤐᤢᤐᤢᤳᤐᤠ ᤀᤡᤶᤋᤢᤀᤢ ᤀᤢᤳᤋᤡᤱ ᤑᤠᤳᤁᤠᤱ ᤂᤠᤋᤤ᤺ᤰᤧᤱ ᤛᤠᤱᤁᤢᤴ ᤍᤡᤱᤐᤡ ᤀᤢᤷᤐᤠ ᤔᤠᤏᤢ ᤂᤡᤶᤆᤢᤐᤡᤳ ᤁᤡᤷᤋᤢ ᤀᤡᤳᤌᤢᤀᤢᤁᤡᤀᤡᤶ ᤊᤢᤱᤔᤢ ᤊᤠᤋᤢ ᤛᤢᤳᤀᤣᤋᤢ ᤀᤢᤳᤐᤡᤶᤋᤢᤀᤢᤐᤠ ᤔᤠᤱᤐᤡᤵᤐᤠᤁᤢᤴ ᤛᤠᤱᤐᤠᤳᤋᤡᤱᤐᤡ ᤍᤡᤶᤐᤠ ᤃᤢᤱᤃᤠᤀᤠ ᤍᤢᤷ ᤐᤡᤶᤐᤠ
ᤛᤠᤰᤋᤡᤱᤐᤠ ᤊᤢᤱᤔᤠᤋᤢ ᤁᤠᤷᤋᤢᤀᤢ ᤛᤠᤱᤁᤢᤴᤔᤠ ᤍᤡᤱᤐᤡ ᤀᤢᤷᤐᤠ ᤀᤠᤰᤅᤡᤳ ᤛᤢᤰᤀᤢᤐᤠ () ᤀᤡᤱᤋᤡ ᤂᤠᤋᤤ᤺ ᤕᤠᤏᤣ? ᤔᤢᤳᤅᤠᤱ ᤃᤢᤱᤃᤠᤃᤢᤱ ᤌᤢᤱᤁᤢ ᤁᤡᤱᤋᤢᤳ ᤋᤡᤱᤁᤢᤳᤐᤠ ᤍᤡᤶᤐᤢᤴᤀᤢ ᤛᤠᤱᤁᤡ ᤊᤠᤰᤋᤢᤀᤢ ᤐᤢᤐᤢᤳᤐᤠ ᤀᤡᤶᤋᤢᤀᤢ ᤀᤢᤳᤋᤡᤱ ᤑᤠᤳᤁᤠᤱ ᤂᤠᤋᤤ᤺ᤰᤧᤱ ᤛᤠᤱᤁᤢᤴ ᤍᤡᤱᤐᤡ ᤀᤢᤷᤐᤠ ᤔᤠᤏᤢ ᤂᤡᤶᤆᤢᤐᤡᤳ ᤁᤡᤷᤋᤢ ᤀᤡᤳᤌᤢᤀᤢᤁᤡᤀᤡᤶ ᤊᤢᤱᤔᤢ ᤊᤠᤋᤢ ᤛᤢᤳᤀᤣᤋᤢ ᤀᤢᤳᤐᤡᤶᤋᤢᤀᤢᤐᤠ ᤔᤠᤱᤐᤡᤵᤐᤠᤁᤢᤴ ᤛᤠᤱᤐᤠᤳᤋᤡᤱᤐᤡ ᤍᤡᤶᤐᤠ ᤃᤢᤱᤃᤠᤀᤠ ᤍᤢᤷ ᤐᤡᤶᤐᤠ
पृष्ठ संयोजक: अम्बर जङ लिम्बू 'तुम्याहाङ', सह संयोजक: विष्णु माया मिश्रक, पत्राचार ठेगाना: नयाँ नेपाल, गोरखापत्र दैनिक, पो.ब.नं. २३, काठमाडौं	email: tumyahanga@gmail.com
